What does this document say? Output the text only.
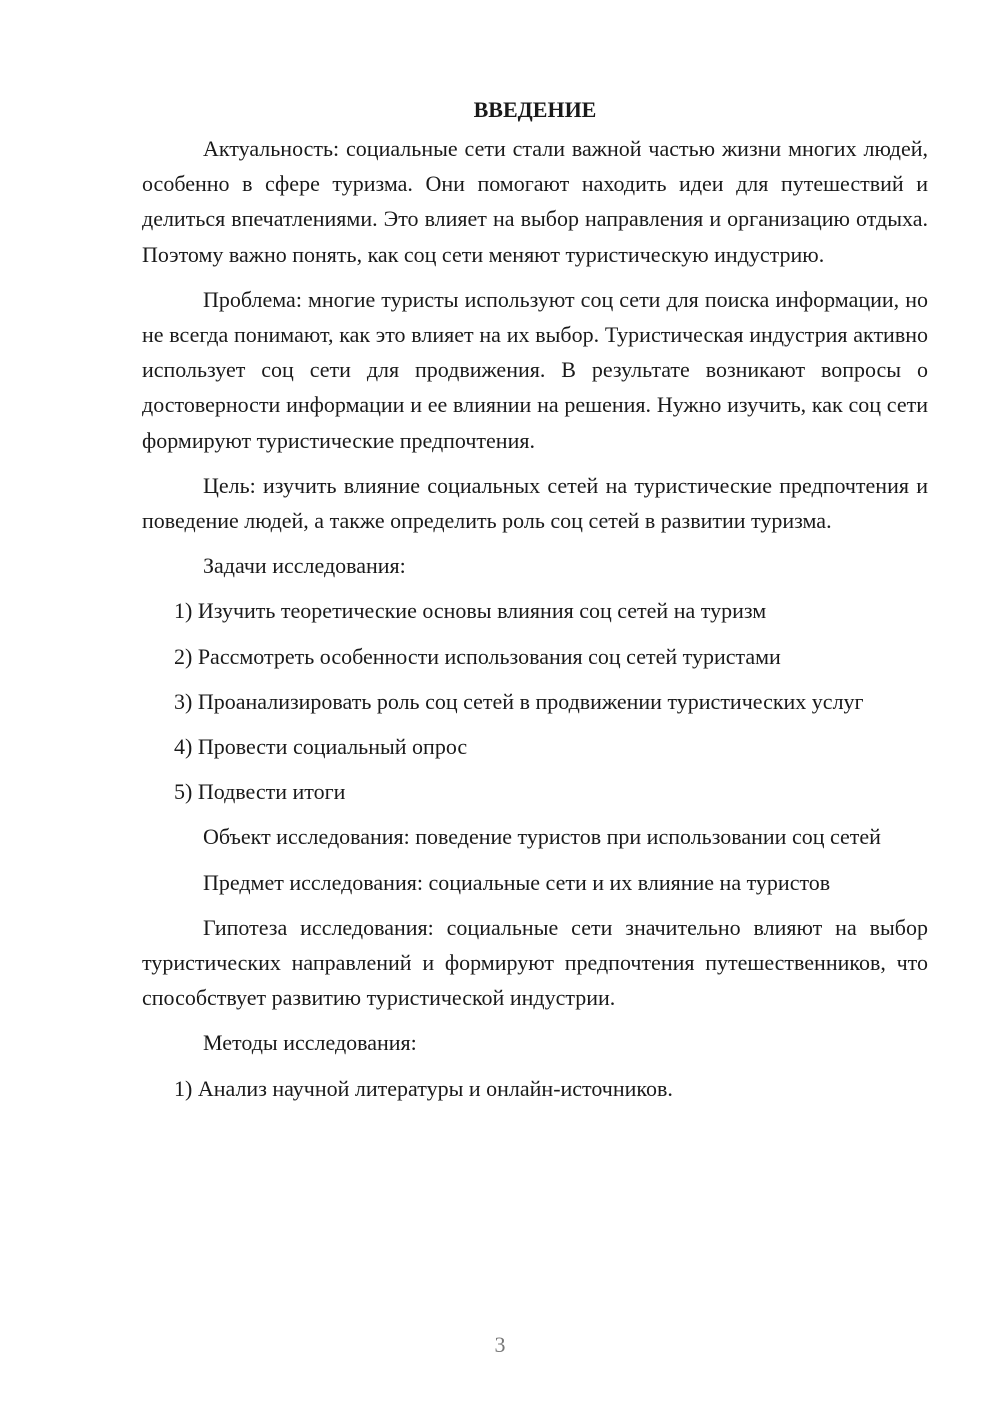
ВВЕДЕНИЕ

Актуальность: социальные сети стали важной частью жизни многих людей, особенно в сфере туризма. Они помогают находить идеи для путешествий и делиться впечатлениями. Это влияет на выбор направления и организацию отдыха. Поэтому важно понять, как соц сети меняют туристическую индустрию.

Проблема: многие туристы используют соц сети для поиска информации, но не всегда понимают, как это влияет на их выбор. Туристическая индустрия активно использует соц сети для продвижения. В результате возникают вопросы о достоверности информации и ее влиянии на решения. Нужно изучить, как соц сети формируют туристические предпочтения.

Цель: изучить влияние социальных сетей на туристические предпочтения и поведение людей, а также определить роль соц сетей в развитии туризма.

Задачи исследования:

1) Изучить теоретические основы влияния соц сетей на туризм

2) Рассмотреть особенности использования соц сетей туристами

3) Проанализировать роль соц сетей в продвижении туристических услуг

4) Провести социальный опрос

5) Подвести итоги

Объект исследования: поведение туристов при использовании соц сетей

Предмет исследования: социальные сети и их влияние на туристов

Гипотеза исследования: социальные сети значительно влияют на выбор туристических направлений и формируют предпочтения путешественников, что способствует развитию туристической индустрии.

Методы исследования:

1) Анализ научной литературы и онлайн-источников.

3
